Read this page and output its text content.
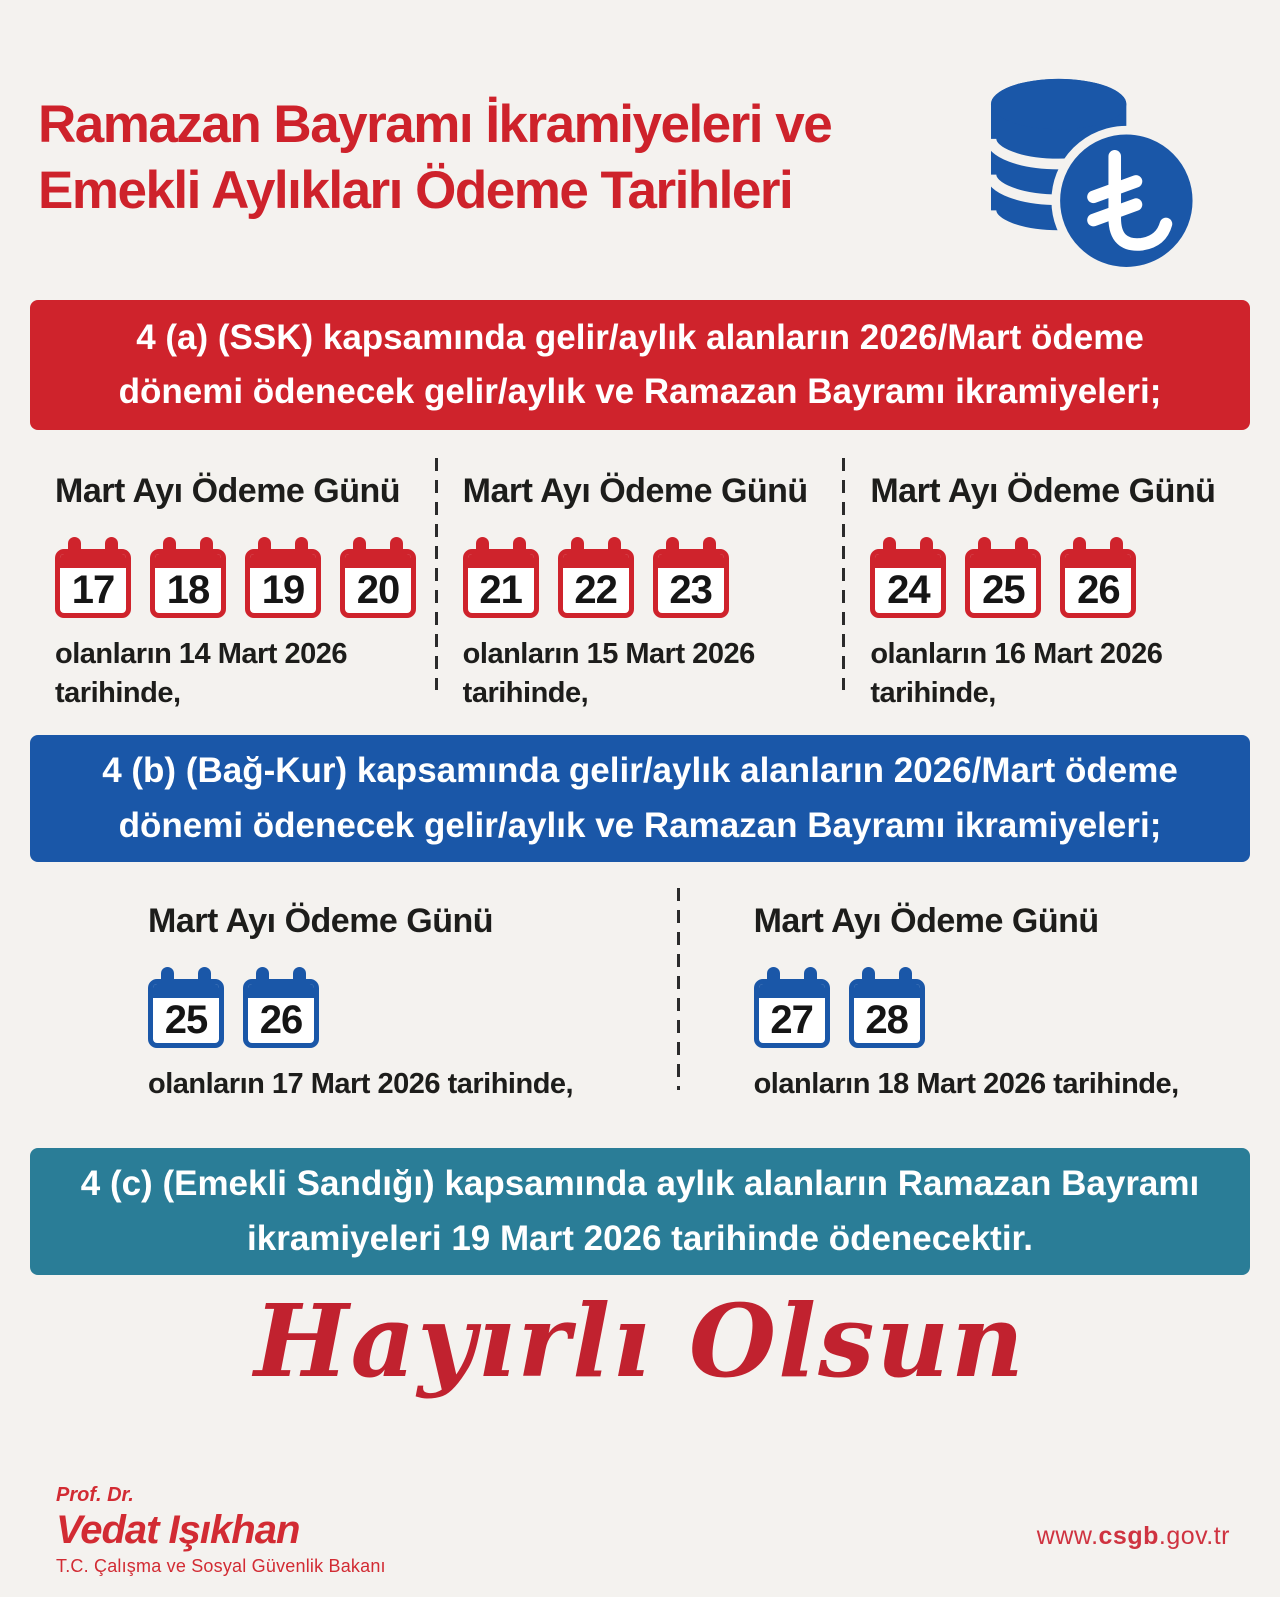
Ramazan Bayramı İkramiyeleri ve
Emekli Aylıkları Ödeme Tarihleri
4 (a) (SSK) kapsamında gelir/aylık alanların 2026/Mart ödeme
dönemi ödenecek gelir/aylık ve Ramazan Bayramı ikramiyeleri;
Mart Ayı Ödeme Günü
17 18 19 20
olanların 14 Mart 2026 tarihinde,
Mart Ayı Ödeme Günü
21 22 23
olanların 15 Mart 2026 tarihinde,
Mart Ayı Ödeme Günü
24 25 26
olanların 16 Mart 2026 tarihinde,
4 (b) (Bağ-Kur) kapsamında gelir/aylık alanların 2026/Mart ödeme
dönemi ödenecek gelir/aylık ve Ramazan Bayramı ikramiyeleri;
Mart Ayı Ödeme Günü
25 26
olanların 17 Mart 2026 tarihinde,
Mart Ayı Ödeme Günü
27 28
olanların 18 Mart 2026 tarihinde,
4 (c) (Emekli Sandığı) kapsamında aylık alanların Ramazan Bayramı
ikramiyeleri 19 Mart 2026 tarihinde ödenecektir.
Hayırlı Olsun
Prof. Dr.
Vedat Işıkhan
T.C. Çalışma ve Sosyal Güvenlik Bakanı
www.csgb.gov.tr
